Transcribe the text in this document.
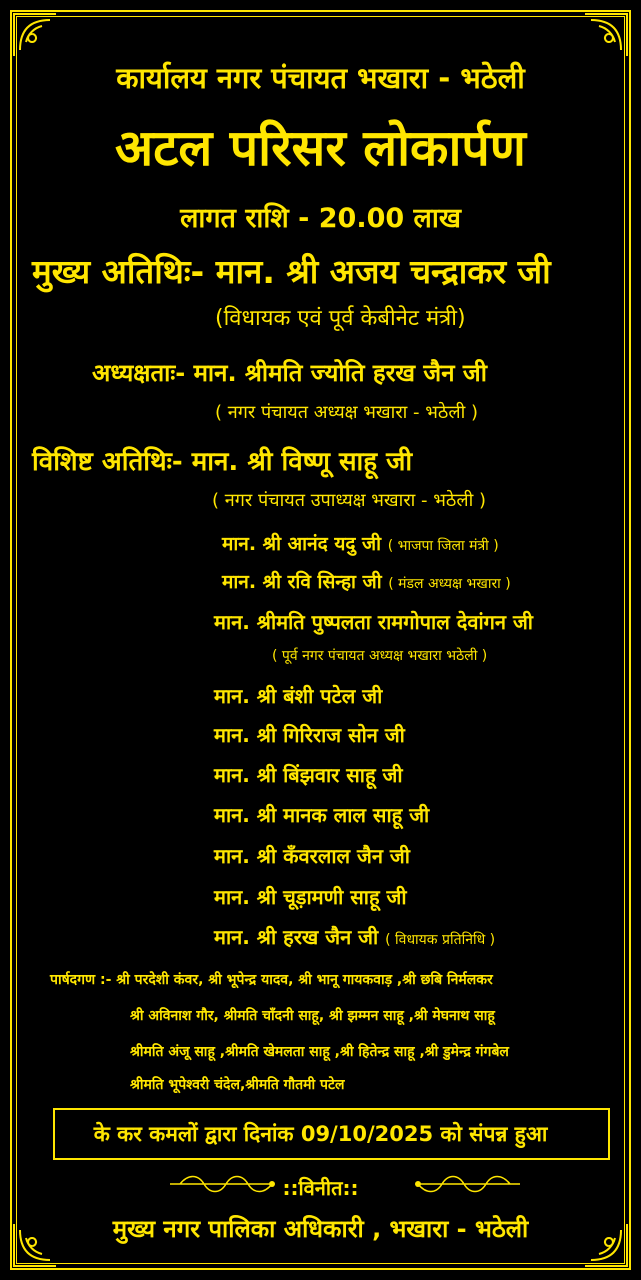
कार्यालय नगर पंचायत भखारा - भठेली
अटल परिसर लोकार्पण
लागत राशि - 20.00 लाख
मुख्य अतिथिः- मान. श्री अजय चन्द्राकर जी
(विधायक एवं पूर्व केबीनेट मंत्री)
अध्यक्षताः- मान. श्रीमति ज्योति हरख जैन जी
( नगर पंचायत अध्यक्ष भखारा - भठेली )
विशिष्ट अतिथिः- मान. श्री विष्णू साहू जी
( नगर पंचायत उपाध्यक्ष भखारा - भठेली )
मान. श्री आनंद यदु जी ( भाजपा जिला मंत्री )
मान. श्री रवि सिन्हा जी ( मंडल अध्यक्ष भखारा )
मान. श्रीमति पुष्पलता रामगोपाल देवांगन जी
( पूर्व नगर पंचायत अध्यक्ष भखारा भठेली )
मान. श्री बंशी पटेल जी
मान. श्री गिरिराज सोन जी
मान. श्री बिंझवार साहू जी
मान. श्री मानक लाल साहू जी
मान. श्री कँवरलाल जैन जी
मान. श्री चूड़ामणी साहू जी
मान. श्री हरख जैन जी ( विधायक प्रतिनिधि )
पार्षदगण :- श्री परदेशी कंवर, श्री भूपेन्द्र यादव, श्री भानू गायकवाड़ ,श्री छबि निर्मलकर
श्री अविनाश गौर, श्रीमति चाँदनी साहू, श्री झम्मन साहू ,श्री मेघनाथ साहू
श्रीमति अंजू साहू ,श्रीमति खेमलता साहू ,श्री हितेन्द्र साहू ,श्री डुमेन्द्र गंगबेल
श्रीमति भूपेश्वरी चंदेल,श्रीमति गौतमी पटेल
के कर कमलों द्वारा दिनांक 09/10/2025 को संपन्न हुआ
::विनीत::
मुख्य नगर पालिका अधिकारी , भखारा - भठेली
